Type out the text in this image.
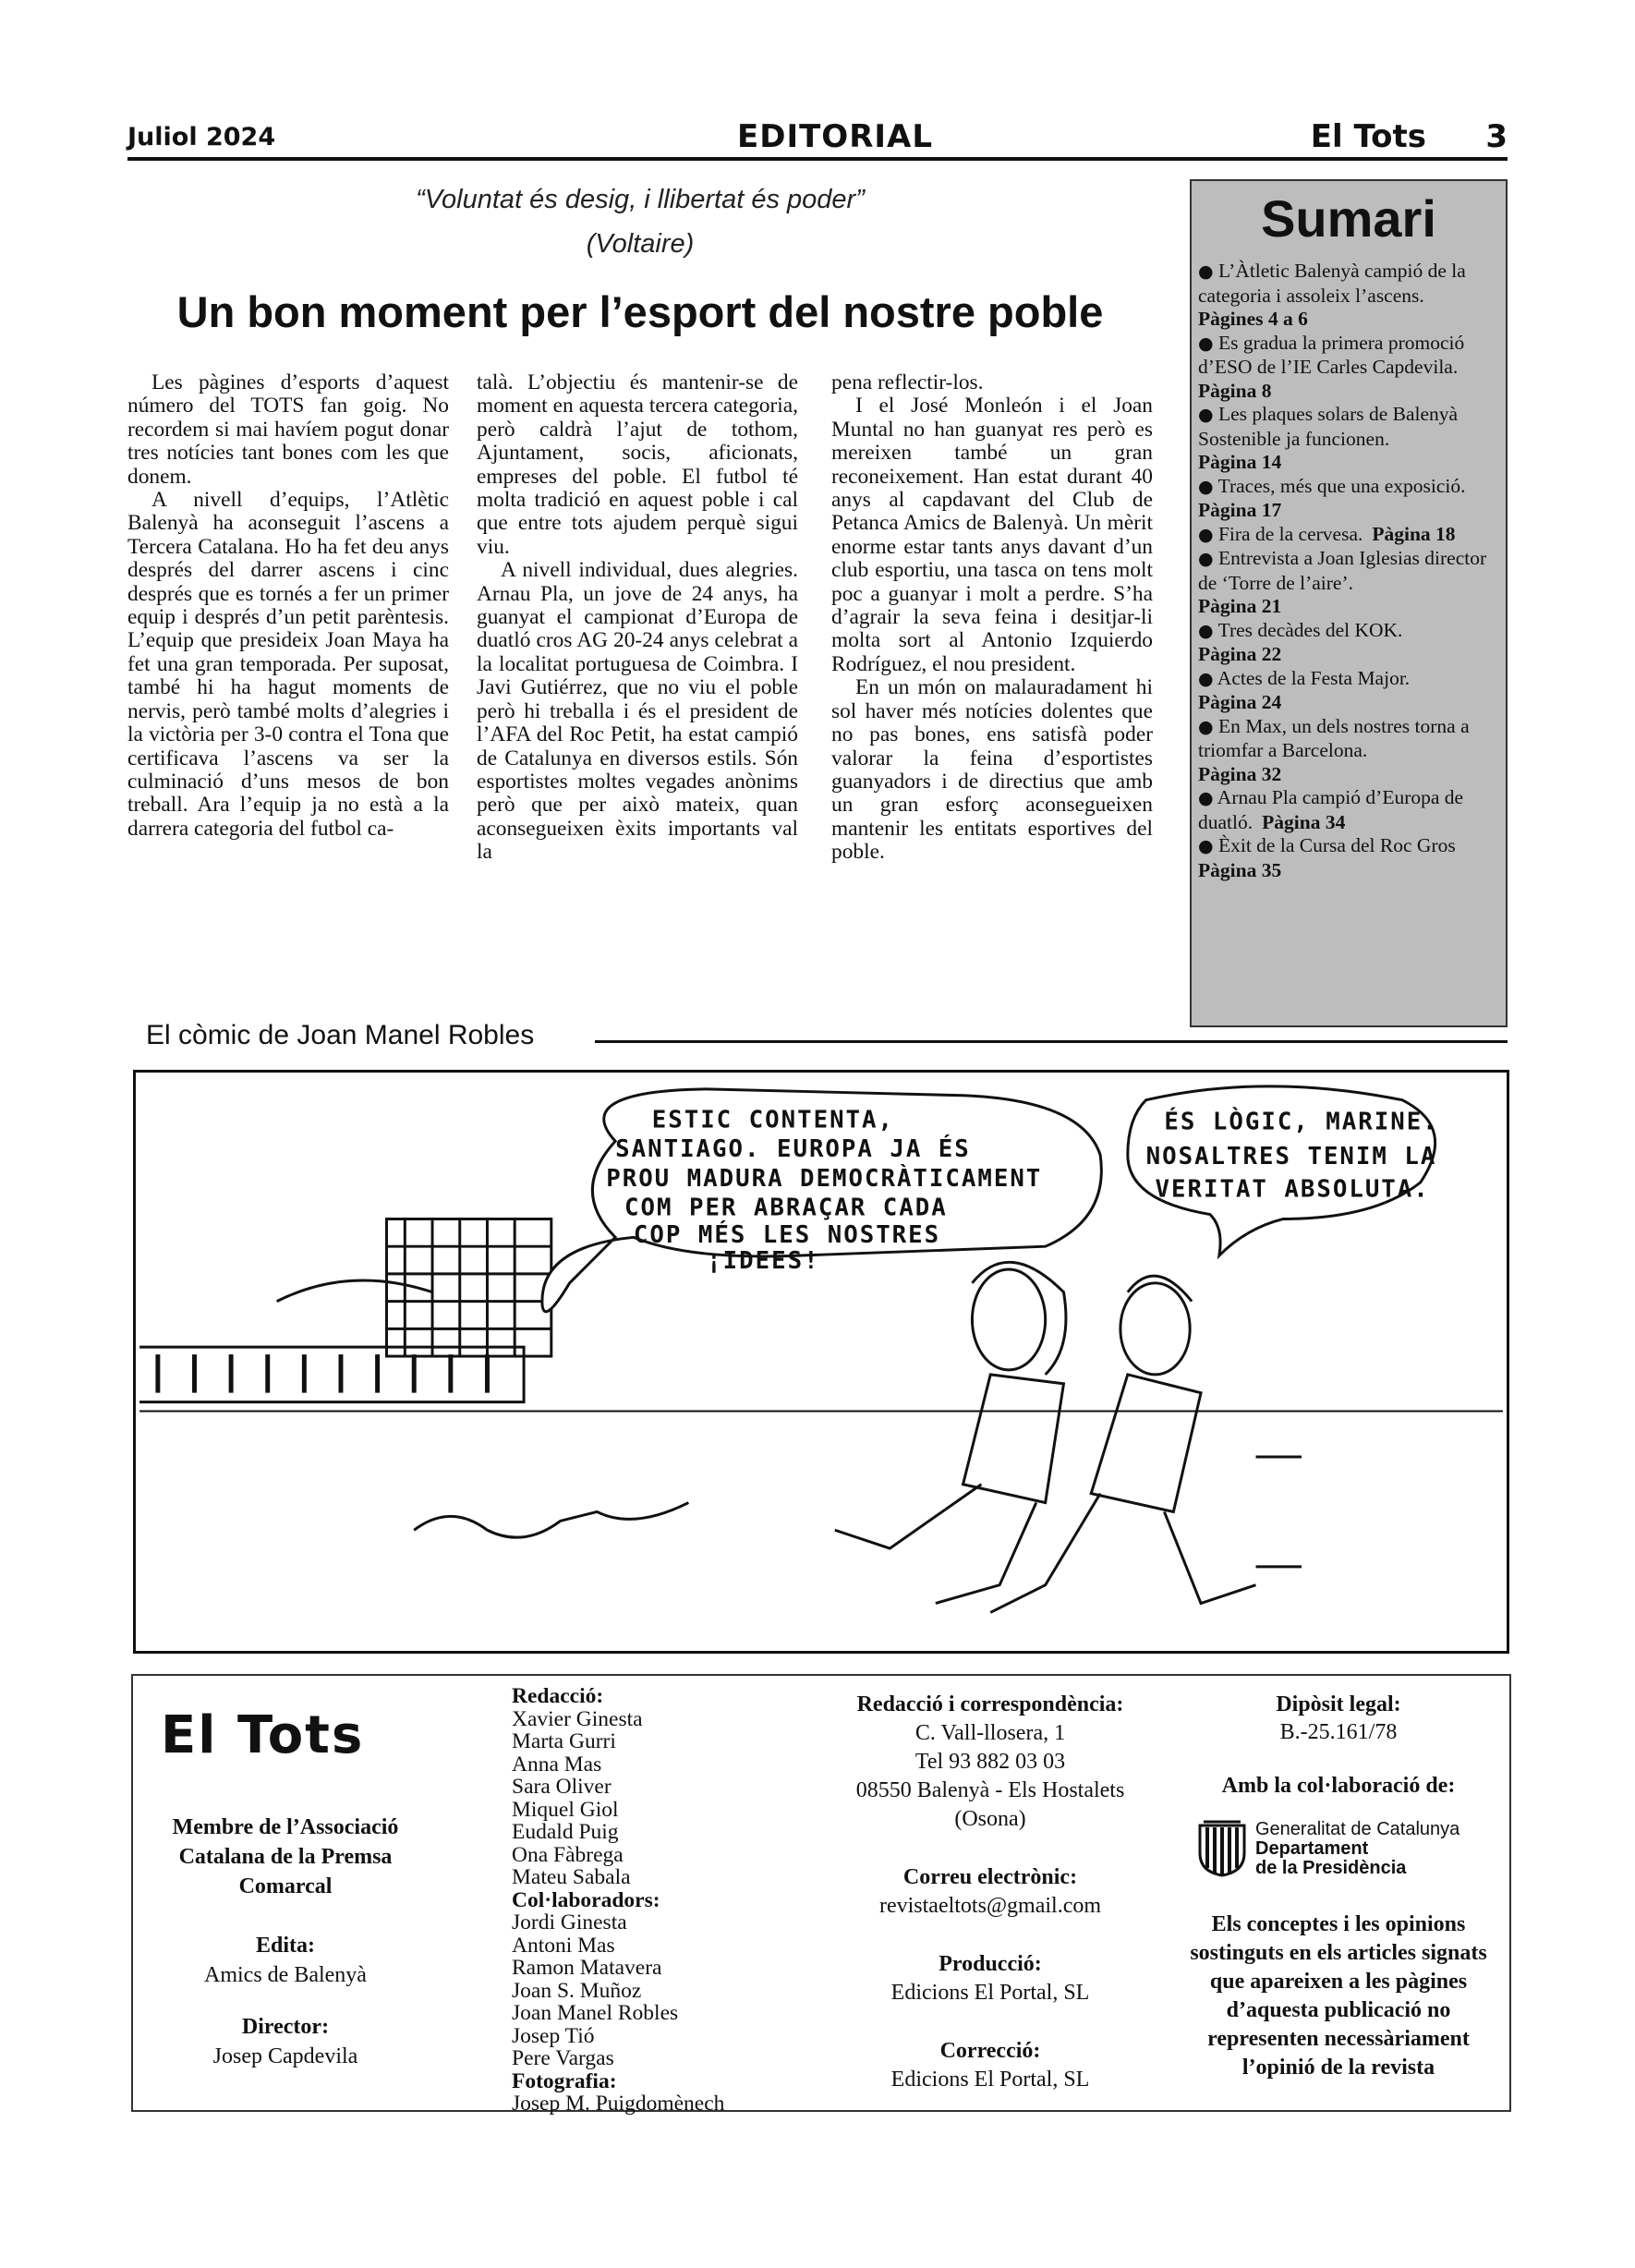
Juliol 2024	EDITORIAL	El Tots 3
“Voluntat és desig, i llibertat és poder”
(Voltaire)
Un bon moment per l’esport del nostre poble

Les pàgines d’esports d’aquest número del TOTS fan goig. No recordem si mai havíem pogut donar tres notícies tant bones com les que donem.

A nivell d’equips, l’Atlètic Balenyà ha aconseguit l’ascens a Tercera Catalana. Ho ha fet deu anys després del darrer ascens i cinc després que es tornés a fer un primer equip i després d’un petit parèntesis. L’equip que presideix Joan Maya ha fet una gran temporada. Per suposat, també hi ha hagut moments de nervis, però també molts d’alegries i la victòria per 3-0 contra el Tona que certificava l’ascens va ser la culminació d’uns mesos de bon treball. Ara l’equip ja no està a la darrera categoria del futbol ca-

talà. L’objectiu és mantenir-se de moment en aquesta tercera categoria, però caldrà l’ajut de tothom, Ajuntament, socis, aficionats, empreses del poble. El futbol té molta tradició en aquest poble i cal que entre tots ajudem perquè sigui viu.

A nivell individual, dues alegries. Arnau Pla, un jove de 24 anys, ha guanyat el campionat d’Europa de duatló cros AG 20-24 anys celebrat a la localitat portuguesa de Coimbra. I Javi Gutiérrez, que no viu el poble però hi treballa i és el president de l’AFA del Roc Petit, ha estat campió de Catalunya en diversos estils. Són esportistes moltes vegades anònims però que per això mateix, quan aconsegueixen èxits importants val la

pena reflectir-los.

I el José Monleón i el Joan Muntal no han guanyat res però es mereixen també un gran reconeixement. Han estat durant 40 anys al capdavant del Club de Petanca Amics de Balenyà. Un mèrit enorme estar tants anys davant d’un club esportiu, una tasca on tens molt poc a guanyar i molt a perdre. S’ha d’agrair la seva feina i desitjar-li molta sort al Antonio Izquierdo Rodríguez, el nou president.

En un món on malauradament hi sol haver més notícies dolentes que no pas bones, ens satisfà poder valorar la feina d’esportistes guanyadors i de directius que amb un gran esforç aconsegueixen mantenir les entitats esportives del poble.

Sumari
● L’Àtletic Balenyà campió de la categoria i assoleix l’ascens.
Pàgines 4 a 6
● Es gradua la primera promoció d’ESO de l’IE Carles Capdevila.
Pàgina 8
● Les plaques solars de Balenyà Sostenible ja funcionen.
Pàgina 14
● Traces, més que una exposició.
Pàgina 17
● Fira de la cervesa. Pàgina 18
● Entrevista a Joan Iglesias director de ‘Torre de l’aire’.
Pàgina 21
● Tres decàdes del KOK.
Pàgina 22
● Actes de la Festa Major.
Pàgina 24
● En Max, un dels nostres torna a triomfar a Barcelona.
Pàgina 32
● Arnau Pla campió d’Europa de duatló. Pàgina 34
● Èxit de la Cursa del Roc Gros
Pàgina 35
El còmic de Joan Manel Robles
ESTIC CONTENTA,
SANTIAGO. EUROPA JA ÉS
PROU MADURA DEMOCRÀTICAMENT
COM PER ABRAÇAR CADA
COP MÉS LES NOSTRES
¡IDEES!
ÉS LÒGIC, MARINE.
NOSALTRES TENIM LA
VERITAT ABSOLUTA.
El Tots
Membre de l’Associació Catalana de la Premsa Comarcal
Edita:
Amics de Balenyà
Director:
Josep Capdevila
Redacció:
Xavier Ginesta
Marta Gurri
Anna Mas
Sara Oliver
Miquel Giol
Eudald Puig
Ona Fàbrega
Mateu Sabala
Col·laboradors:
Jordi Ginesta
Antoni Mas
Ramon Matavera
Joan S. Muñoz
Joan Manel Robles
Josep Tió
Pere Vargas
Fotografia:
Josep M. Puigdomènech
Redacció i correspondència:
C. Vall-llosera, 1
Tel 93 882 03 03
08550 Balenyà - Els Hostalets
(Osona)
Correu electrònic:
revistaeltots@gmail.com
Producció:
Edicions El Portal, SL
Correcció:
Edicions El Portal, SL
Dipòsit legal:
B.-25.161/78
Amb la col·laboració de:
Generalitat de Catalunya
Departament
de la Presidència
Els conceptes i les opinions sostinguts en els articles signats que apareixen a les pàgines d’aquesta publicació no representen necessàriament l’opinió de la revista
